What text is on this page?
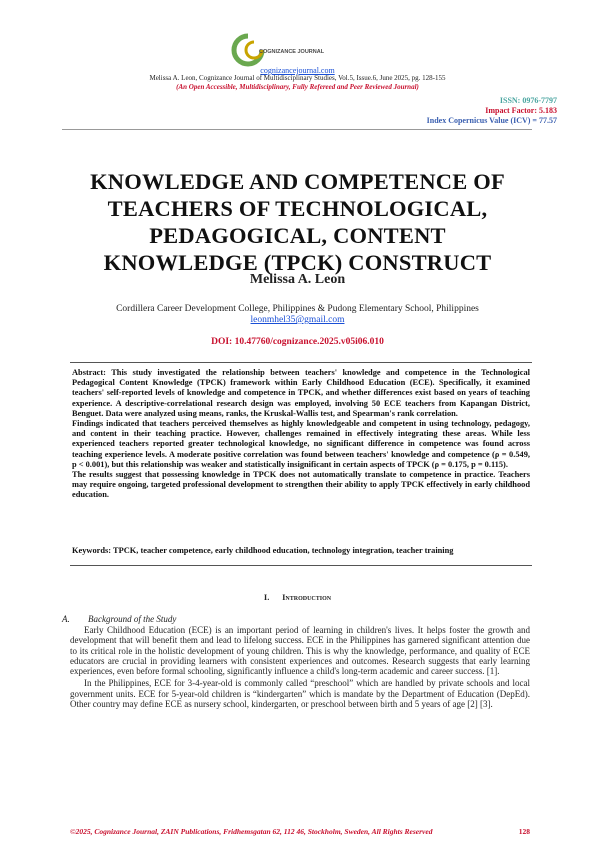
COGNIZANCE JOURNAL
cognizancejournal.com
Melissa A. Leon, Cognizance Journal of Multidisciplinary Studies, Vol.5, Issue.6, June 2025, pg. 128-155
(An Open Accessible, Multidisciplinary, Fully Refereed and Peer Reviewed Journal)
ISSN: 0976-7797
Impact Factor: 5.183
Index Copernicus Value (ICV) = 77.57
KNOWLEDGE AND COMPETENCE OF
TEACHERS OF TECHNOLOGICAL,
PEDAGOGICAL, CONTENT
KNOWLEDGE (TPCK) CONSTRUCT
Melissa A. Leon
Cordillera Career Development College, Philippines & Pudong Elementary School, Philippines
leonmhel35@gmail.com
DOI: 10.47760/cognizance.2025.v05i06.010

Abstract: This study investigated the relationship between teachers' knowledge and competence in the Technological Pedagogical Content Knowledge (TPCK) framework within Early Childhood Education (ECE). Specifically, it examined teachers' self-reported levels of knowledge and competence in TPCK, and whether differences exist based on years of teaching experience. A descriptive-correlational research design was employed, involving 50 ECE teachers from Kapangan District, Benguet. Data were analyzed using means, ranks, the Kruskal-Wallis test, and Spearman's rank correlation.

Findings indicated that teachers perceived themselves as highly knowledgeable and competent in using technology, pedagogy, and content in their teaching practice. However, challenges remained in effectively integrating these areas. While less experienced teachers reported greater technological knowledge, no significant difference in competence was found across teaching experience levels. A moderate positive correlation was found between teachers' knowledge and competence (ρ = 0.549, p < 0.001), but this relationship was weaker and statistically insignificant in certain aspects of TPCK (ρ = 0.175, p = 0.115).

The results suggest that possessing knowledge in TPCK does not automatically translate to competence in practice. Teachers may require ongoing, targeted professional development to strengthen their ability to apply TPCK effectively in early childhood education.

Keywords: TPCK, teacher competence, early childhood education, technology integration, teacher training
I. Introduction
A. Background of the Study

Early Childhood Education (ECE) is an important period of learning in children's lives. It helps foster the growth and development that will benefit them and lead to lifelong success. ECE in the Philippines has garnered significant attention due to its critical role in the holistic development of young children. This is why the knowledge, performance, and quality of ECE educators are crucial in providing learners with consistent experiences and outcomes. Research suggests that early learning experiences, even before formal schooling, significantly influence a child's long-term academic and career success. [1].

In the Philippines, ECE for 3-4-year-old is commonly called “preschool” which are handled by private schools and local government units. ECE for 5-year-old children is “kindergarten” which is mandate by the Department of Education (DepEd). Other country may define ECE as nursery school, kindergarten, or preschool between birth and 5 years of age [2] [3].

©2025, Cognizance Journal, ZAIN Publications, Fridhemsgatan 62, 112 46, Stockholm, Sweden, All Rights Reserved	128
